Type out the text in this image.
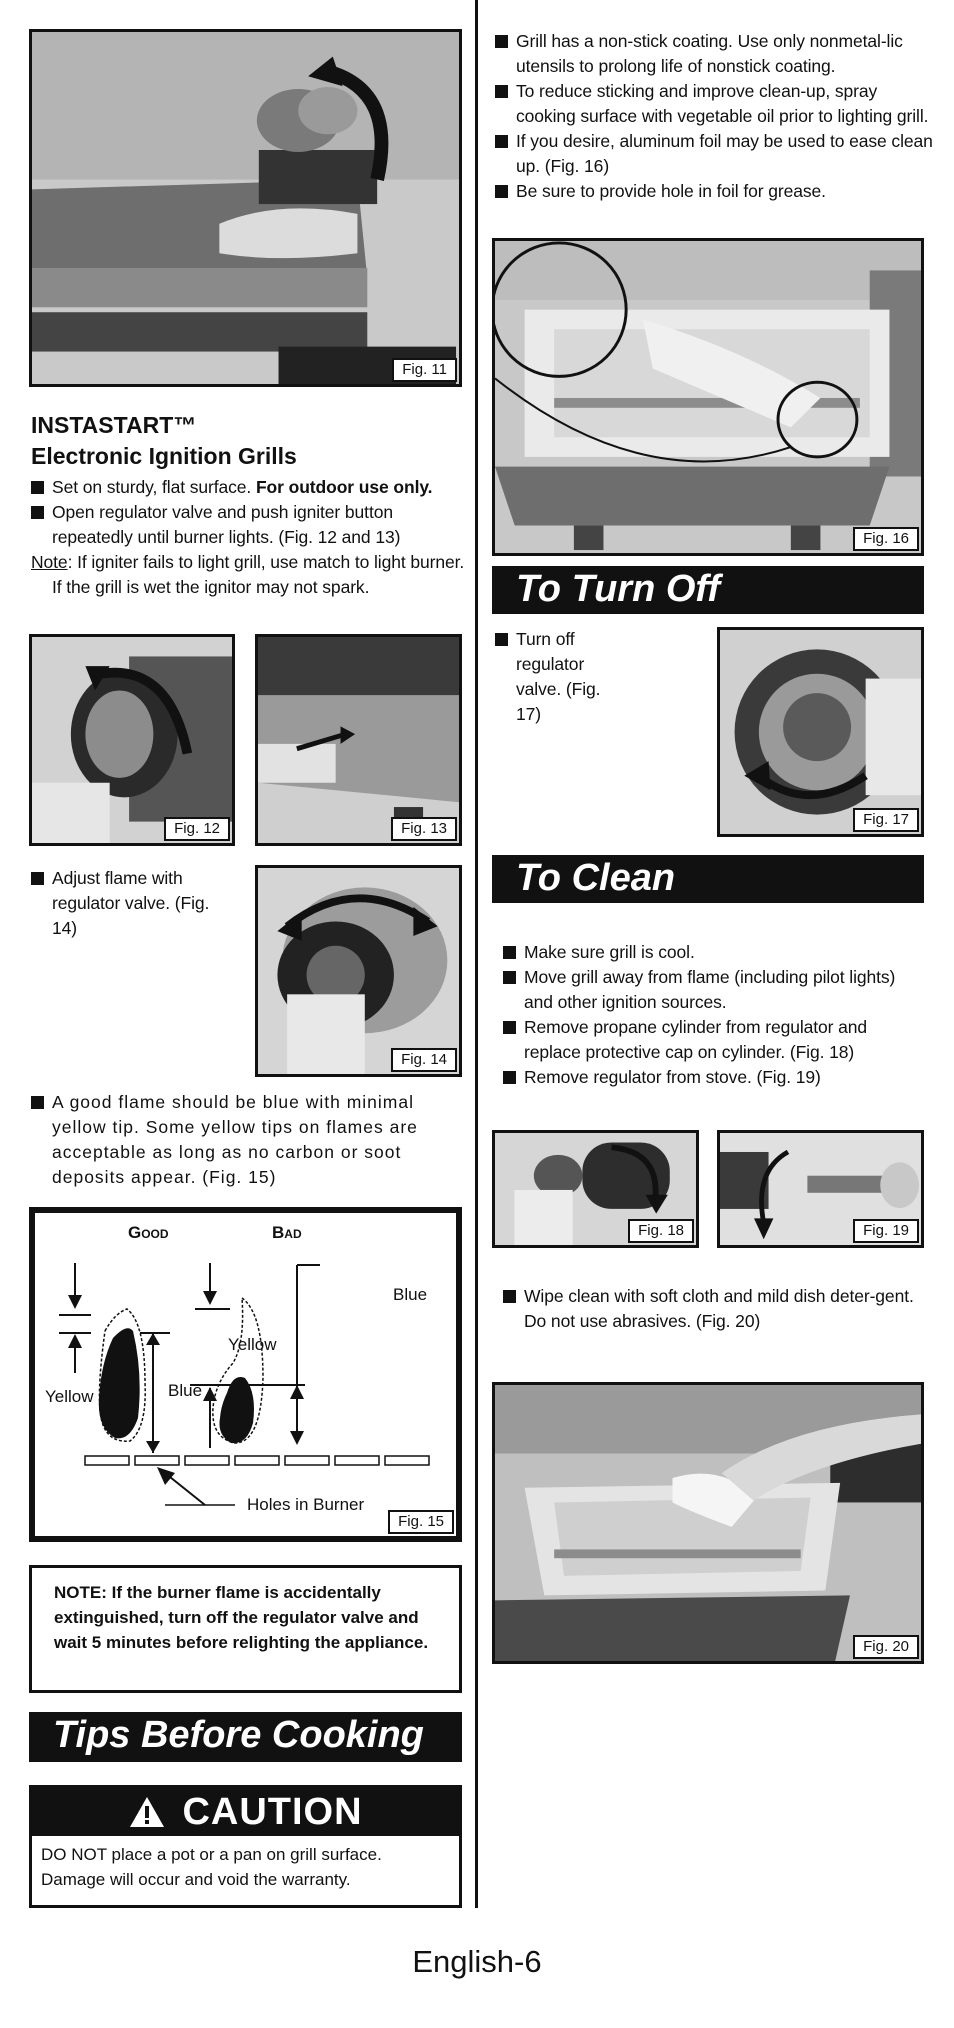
Fig. 11
INSTASTART™
Electronic Ignition Grills

Set on sturdy, flat surface. For outdoor use only.

Open regulator valve and push igniter button repeatedly until burner lights. (Fig. 12 and 13)

Note: If igniter fails to light grill, use match to light burner. If the grill is wet the ignitor may not spark.

Fig. 12	Fig. 13

Adjust flame with regulator valve. (Fig. 14)

Fig. 14

A good flame should be blue with minimal yellow tip. Some yellow tips on flames are acceptable as long as no carbon or soot deposits appear. (Fig. 15)

Good	Bad
Blue
Yellow
Yellow	Blue
Holes in Burner
Fig. 15
NOTE: If the burner flame is accidentally extinguished, turn off the regulator valve and wait 5 minutes before relighting the appliance.
Tips Before Cooking
CAUTION
DO NOT place a pot or a pan on grill surface. Damage will occur and void the warranty.

Grill has a non-stick coating. Use only nonmetal-lic utensils to prolong life of nonstick coating.

To reduce sticking and improve clean-up, spray cooking surface with vegetable oil prior to lighting grill.

If you desire, aluminum foil may be used to ease clean up. (Fig. 16)

Be sure to provide hole in foil for grease.

Fig. 16
To Turn Off

Turn off regulator valve. (Fig. 17)

Fig. 17
To Clean

Make sure grill is cool.

Move grill away from flame (including pilot lights) and other ignition sources.

Remove propane cylinder from regulator and replace protective cap on cylinder. (Fig. 18)

Remove regulator from stove. (Fig. 19)

Fig. 18	Fig. 19

Wipe clean with soft cloth and mild dish deter-gent. Do not use abrasives. (Fig. 20)

Fig. 20
English-6
